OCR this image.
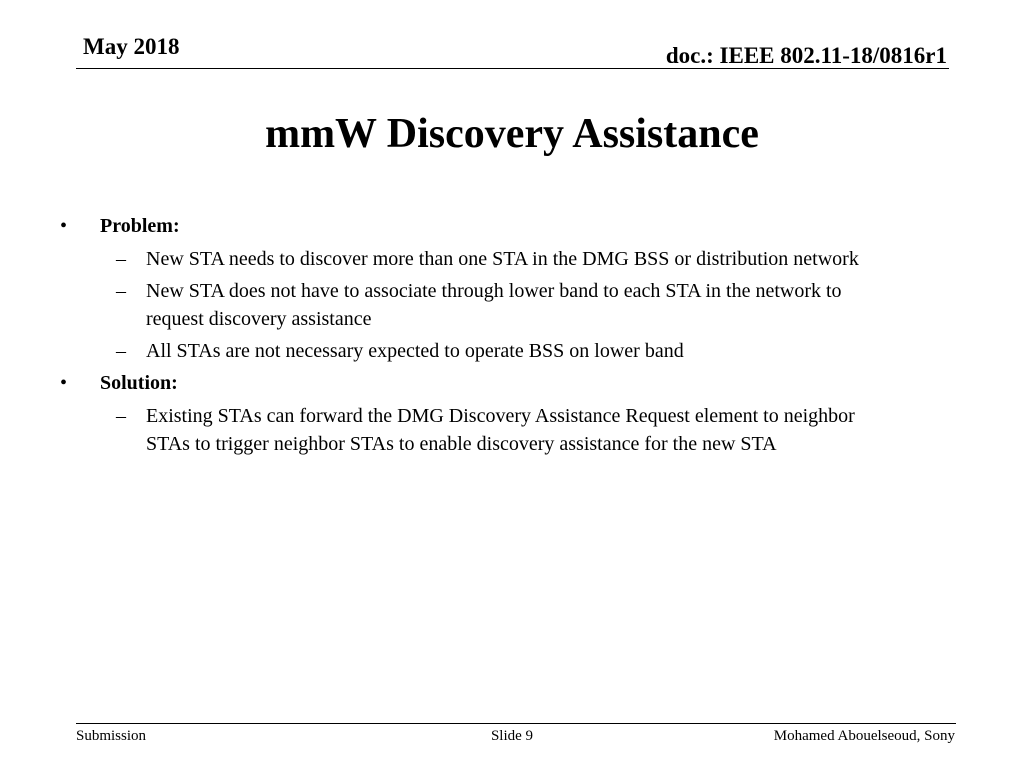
May 2018	doc.: IEEE 802.11-18/0816r1
mmW Discovery Assistance
• Problem:
– New STA needs to discover more than one STA in the DMG BSS or distribution network
– New STA does not have to associate through lower band to each STA in the network to request discovery assistance
– All STAs are not necessary expected to operate BSS on lower band
• Solution:
– Existing STAs can forward the DMG Discovery Assistance Request element to neighbor STAs to trigger neighbor STAs to enable discovery assistance for the new STA
Submission	Slide 9	Mohamed Abouelseoud, Sony
